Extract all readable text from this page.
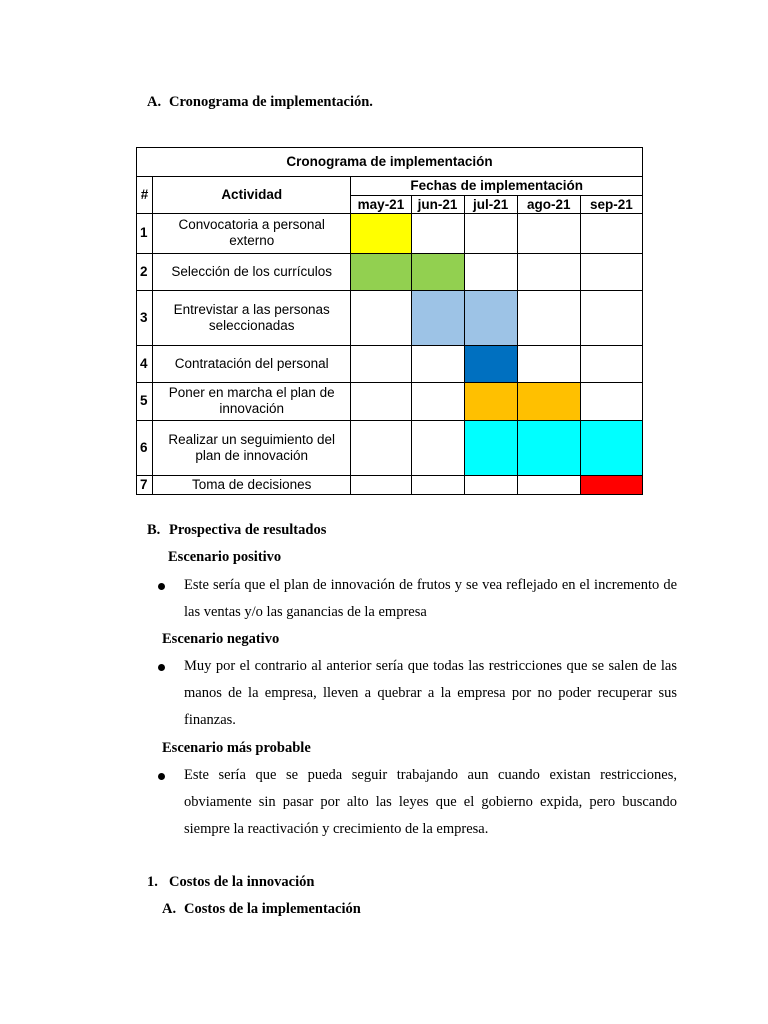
A. Cronograma de implementación.
Cronograma de implementación						
#	Actividad	Fechas de implementación				
		may-21	jun-21	jul-21	ago-21	sep-21
1	Convocatoria a personal externo					
2	Selección de los currículos					
3	Entrevistar a las personas seleccionadas					
4	Contratación del personal					
5	Poner en marcha el plan de innovación					
6	Realizar un seguimiento del plan de innovación					
7	Toma de decisiones					
B. Prospectiva de resultados
Escenario positivo
Este sería que el plan de innovación de frutos y se vea reflejado en el incremento de las ventas y/o las ganancias de la empresa
Escenario negativo
Muy por el contrario al anterior sería que todas las restricciones que se salen de las manos de la empresa, lleven a quebrar a la empresa por no poder recuperar sus finanzas.
Escenario más probable
Este sería que se pueda seguir trabajando aun cuando existan restricciones, obviamente sin pasar por alto las leyes que el gobierno expida, pero buscando siempre la reactivación y crecimiento de la empresa.
1. Costos de la innovación
A. Costos de la implementación
